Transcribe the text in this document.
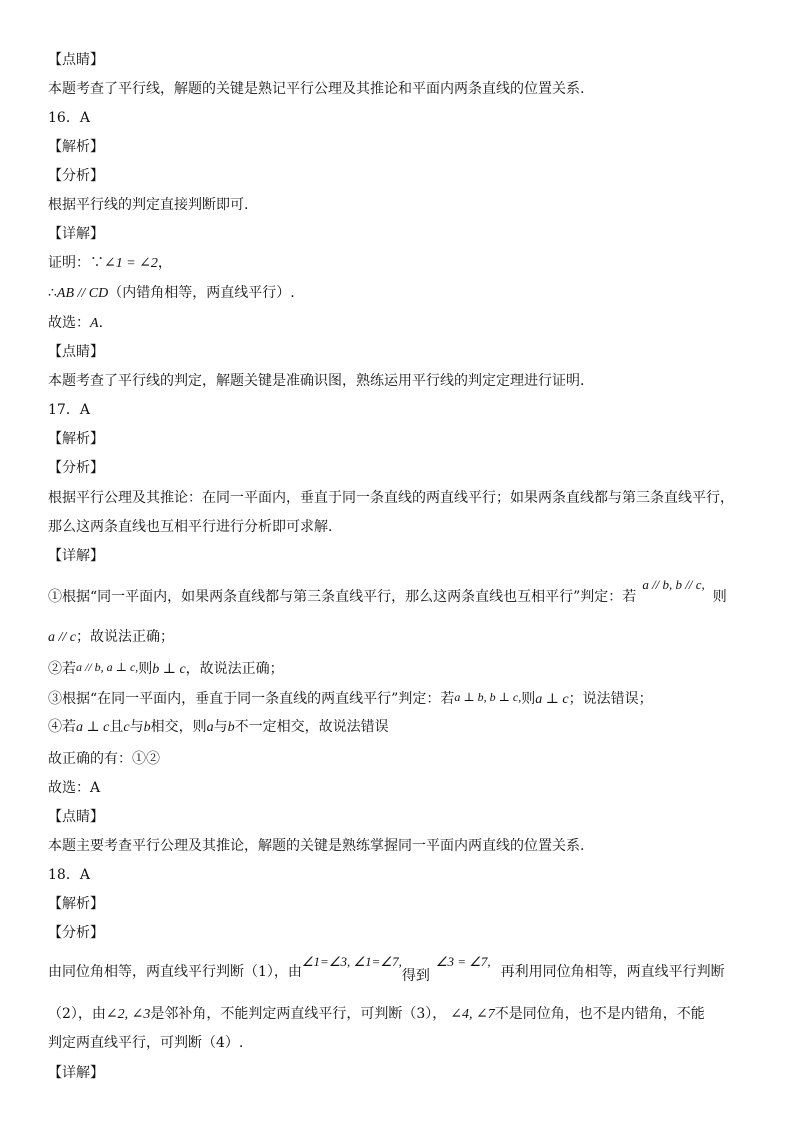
【点睛】
本题考查了平行线，解题的关键是熟记平行公理及其推论和平面内两条直线的位置关系.
16．A
【解析】
【分析】
根据平行线的判定直接判断即可.
【详解】
证明：∵∠1 = ∠2，
∴AB // CD（内错角相等，两直线平行）.
故选：A.
【点睛】
本题考查了平行线的判定，解题关键是准确识图，熟练运用平行线的判定定理进行证明.
17．A
【解析】
【分析】
根据平行公理及其推论：在同一平面内，垂直于同一条直线的两直线平行；如果两条直线都与第三条直线平行，
那么这两条直线也互相平行进行分析即可求解.
【详解】
①根据“同一平面内，如果两条直线都与第三条直线平行，那么这两条直线也互相平行”判定：若a // b, b // c,则
a // c；故说法正确；
②若a // b, a ⊥ c,则b ⊥ c，故说法正确；
③根据“在同一平面内，垂直于同一条直线的两直线平行”判定：若a ⊥ b, b ⊥ c,则a ⊥ c；说法错误；
④若a ⊥ c且c与b相交，则a与b不一定相交，故说法错误
故正确的有：①②
故选：A
【点睛】
本题主要考查平行公理及其推论，解题的关键是熟练掌握同一平面内两直线的位置关系.
18．A
【解析】
【分析】
由同位角相等，两直线平行判断（1），由∠1=∠3, ∠1=∠7,得到∠3 = ∠7,再利用同位角相等，两直线平行判断
（2），由∠2, ∠3是邻补角，不能判定两直线平行，可判断（3）， ∠4, ∠7不是同位角，也不是内错角，不能
判定两直线平行，可判断（4）.
【详解】
